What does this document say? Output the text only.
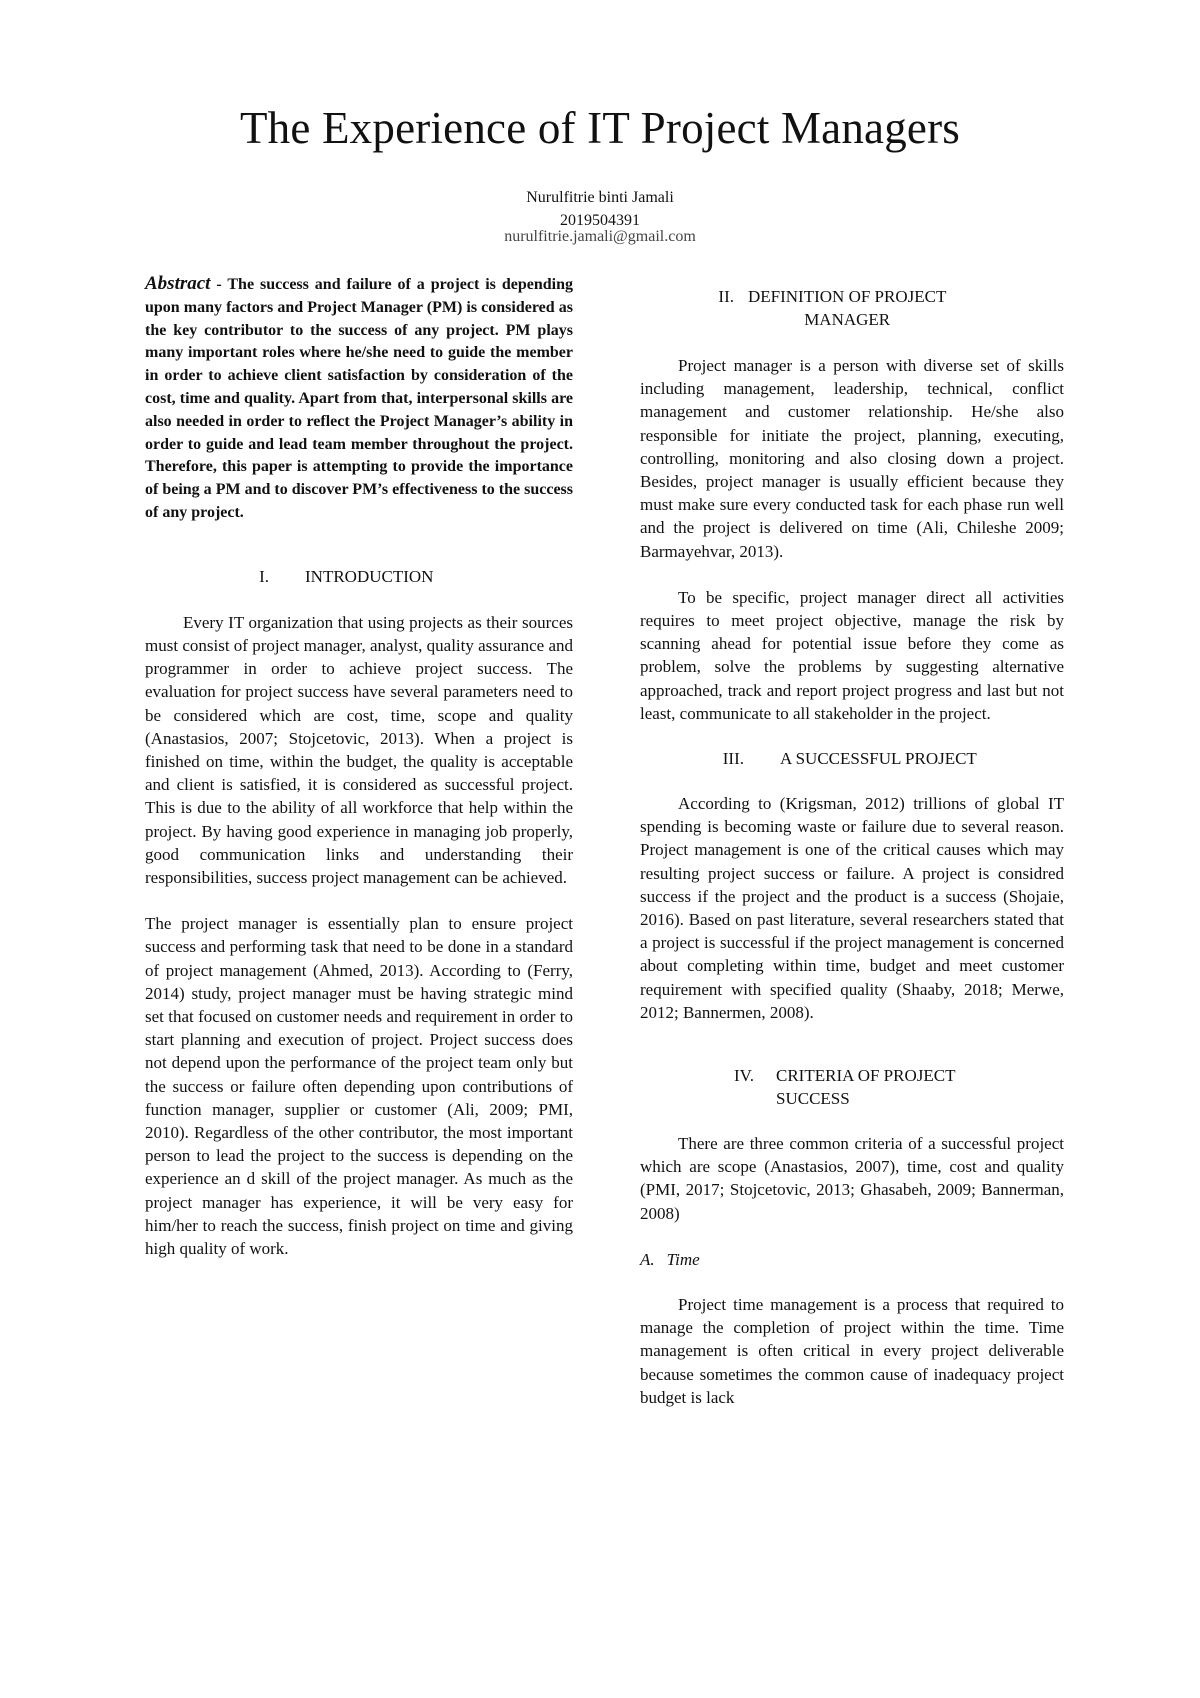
The Experience of IT Project Managers

Nurulfitrie binti Jamali

2019504391

nurulfitrie.jamali@gmail.com

Abstract - The success and failure of a project is depending upon many factors and Project Manager (PM) is considered as the key contributor to the success of any project. PM plays many important roles where he/she need to guide the member in order to achieve client satisfaction by consideration of the cost, time and quality. Apart from that, interpersonal skills are also needed in order to reflect the Project Manager’s ability in order to guide and lead team member throughout the project. Therefore, this paper is attempting to provide the importance of being a PM and to discover PM’s effectiveness to the success of any project.

I.	INTRODUCTION

Every IT organization that using projects as their sources must consist of project manager, analyst, quality assurance and programmer in order to achieve project success. The evaluation for project success have several parameters need to be considered which are cost, time, scope and quality (Anastasios, 2007; Stojcetovic, 2013). When a project is finished on time, within the budget, the quality is acceptable and client is satisfied, it is considered as successful project. This is due to the ability of all workforce that help within the project. By having good experience in managing job properly, good communication links and understanding their responsibilities, success project management can be achieved.

The project manager is essentially plan to ensure project success and performing task that need to be done in a standard of project management (Ahmed, 2013). According to (Ferry, 2014) study, project manager must be having strategic mind set that focused on customer needs and requirement in order to start planning and execution of project. Project success does not depend upon the performance of the project team only but the success or failure often depending upon contributions of function manager, supplier or customer (Ali, 2009; PMI, 2010). Regardless of the other contributor, the most important person to lead the project to the success is depending on the experience an d skill of the project manager. As much as the project manager has experience, it will be very easy for him/her to reach the success, finish project on time and giving high quality of work.

II. DEFINITION OF PROJECT
MANAGER

Project manager is a person with diverse set of skills including management, leadership, technical, conflict management and customer relationship. He/she also responsible for initiate the project, planning, executing, controlling, monitoring and also closing down a project. Besides, project manager is usually efficient because they must make sure every conducted task for each phase run well and the project is delivered on time (Ali, Chileshe 2009; Barmayehvar, 2013).

To be specific, project manager direct all activities requires to meet project objective, manage the risk by scanning ahead for potential issue before they come as problem, solve the problems by suggesting alternative approached, track and report project progress and last but not least, communicate to all stakeholder in the project.

III.	A SUCCESSFUL PROJECT

According to (Krigsman, 2012) trillions of global IT spending is becoming waste or failure due to several reason. Project management is one of the critical causes which may resulting project success or failure. A project is considred success if the project and the product is a success (Shojaie, 2016). Based on past literature, several researchers stated that a project is successful if the project management is concerned about completing within time, budget and meet customer requirement with specified quality (Shaaby, 2018; Merwe, 2012; Bannermen, 2008).

IV.	CRITERIA OF PROJECT
SUCCESS

There are three common criteria of a successful project which are scope (Anastasios, 2007), time, cost and quality (PMI, 2017; Stojcetovic, 2013; Ghasabeh, 2009; Bannerman, 2008)

A. Time

Project time management is a process that required to manage the completion of project within the time. Time management is often critical in every project deliverable because sometimes the common cause of inadequacy project budget is lack
